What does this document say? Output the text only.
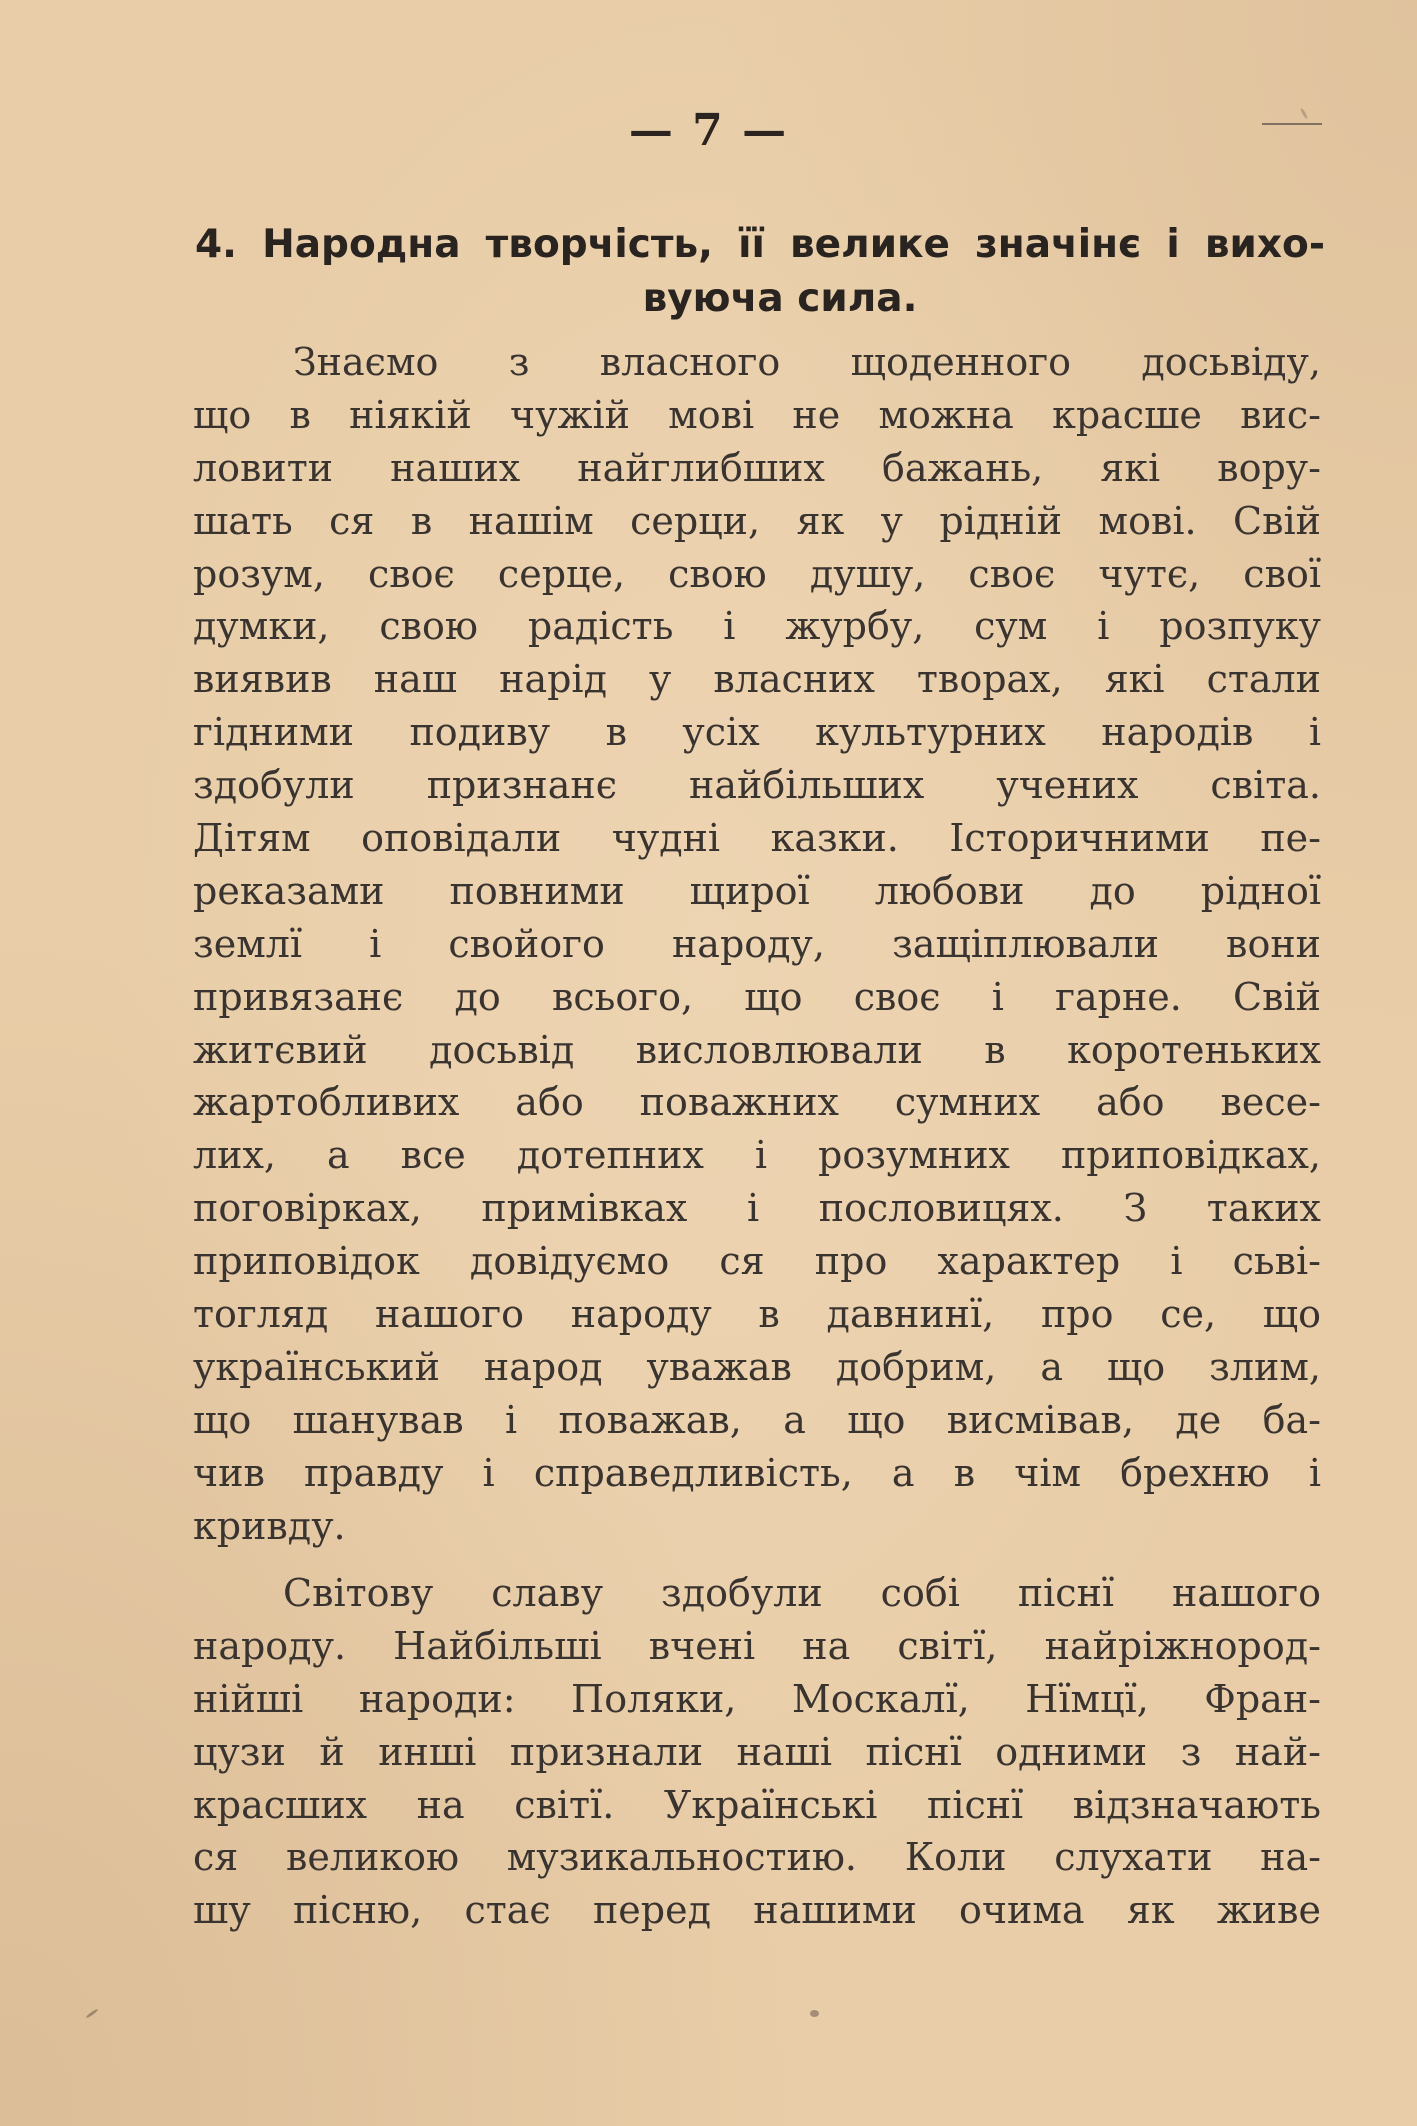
— 7 —
4. Народна творчість, її велике значінє і вихо-
вуюча сила.
Знаємо з власного щоденного досьвіду,
що в ніякій чужій мові не можна красше вис-
ловити наших найглибших бажань, які вору-
шать ся в нашім серци, як у рідній мові. Свій
розум, своє серце, свою душу, своє чутє, свої
думки, свою радість і журбу, сум і розпуку
виявив наш нарід у власних творах, які стали
гідними подиву в усіх культурних народів і
здобули признанє найбільших учених світа.
Дітям оповідали чудні казки. Історичними пе-
реказами повними щирої любови до рідної
землї і свойого народу, защіплювали вони
привязанє до всього, що своє і гарне. Свій
житєвий досьвід висловлювали в коротеньких
жартобливих або поважних сумних або весе-
лих, а все дотепних і розумних приповідках,
поговірках, примівках і пословицях. З таких
приповідок довідуємо ся про характер і сьві-
тогляд нашого народу в давнинї, про се, що
український народ уважав добрим, а що злим,
що шанував і поважав, а що висмівав, де ба-
чив правду і справедливість, а в чім брехню і
кривду.
Світову славу здобули собі піснї нашого
народу. Найбільші вчені на світї, найріжнород-
нійші народи: Поляки, Москалї, Нїмцї, Фран-
цузи й инші признали наші піснї одними з най-
красших на світї. Українські піснї відзначають
ся великою музикальностию. Коли слухати на-
шу пісню, стає перед нашими очима як живе
